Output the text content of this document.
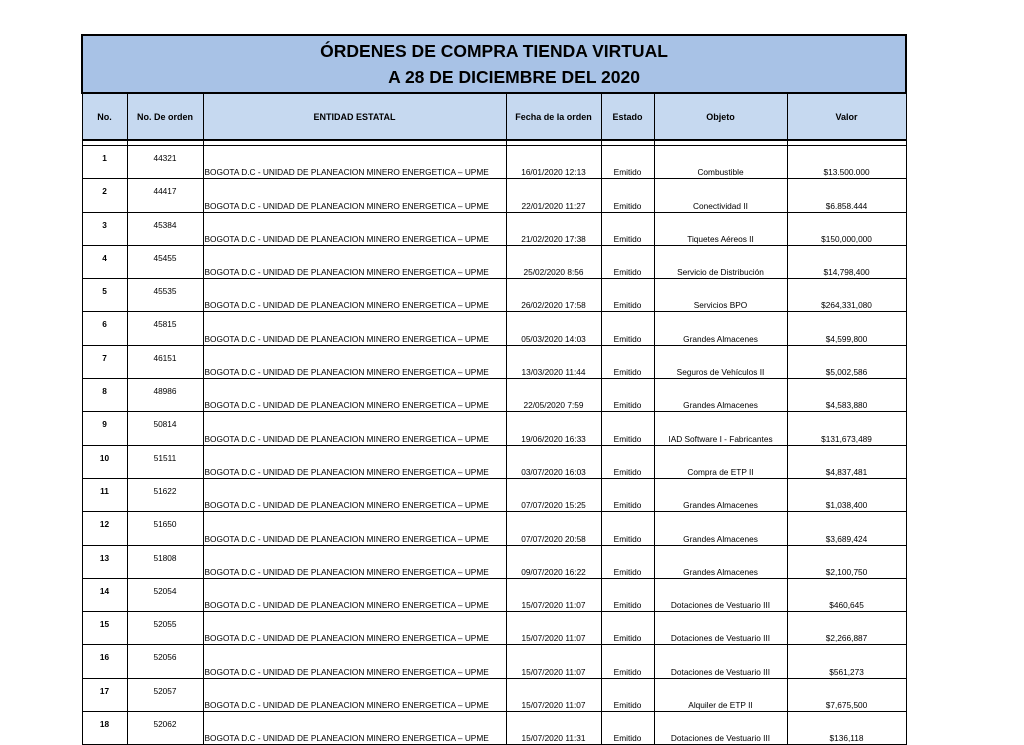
ÓRDENES DE COMPRA TIENDA VIRTUAL
A 28 DE DICIEMBRE DEL 2020						

No.	No. De orden	ENTIDAD ESTATAL	Fecha de la orden	Estado	Objeto	Valor

1	44321	BOGOTA D.C - UNIDAD DE PLANEACION MINERO ENERGETICA – UPME	16/01/2020 12:13	Emitido	Combustible	$13.500.000
2	44417	BOGOTA D.C - UNIDAD DE PLANEACION MINERO ENERGETICA – UPME	22/01/2020 11:27	Emitido	Conectividad II	$6.858.444
3	45384	BOGOTA D.C - UNIDAD DE PLANEACION MINERO ENERGETICA – UPME	21/02/2020 17:38	Emitido	Tiquetes Aéreos II	$150,000,000
4	45455	BOGOTA D.C - UNIDAD DE PLANEACION MINERO ENERGETICA – UPME	25/02/2020 8:56	Emitido	Servicio de Distribución	$14,798,400
5	45535	BOGOTA D.C - UNIDAD DE PLANEACION MINERO ENERGETICA – UPME	26/02/2020 17:58	Emitido	Servicios BPO	$264,331,080
6	45815	BOGOTA D.C - UNIDAD DE PLANEACION MINERO ENERGETICA – UPME	05/03/2020 14:03	Emitido	Grandes Almacenes	$4,599,800
7	46151	BOGOTA D.C - UNIDAD DE PLANEACION MINERO ENERGETICA – UPME	13/03/2020 11:44	Emitido	Seguros de Vehículos II	$5,002,586
8	48986	BOGOTA D.C - UNIDAD DE PLANEACION MINERO ENERGETICA – UPME	22/05/2020 7:59	Emitido	Grandes Almacenes	$4,583,880
9	50814	BOGOTA D.C - UNIDAD DE PLANEACION MINERO ENERGETICA – UPME	19/06/2020 16:33	Emitido	IAD Software I - Fabricantes	$131,673,489
10	51511	BOGOTA D.C - UNIDAD DE PLANEACION MINERO ENERGETICA – UPME	03/07/2020 16:03	Emitido	Compra de ETP II	$4,837,481
11	51622	BOGOTA D.C - UNIDAD DE PLANEACION MINERO ENERGETICA – UPME	07/07/2020 15:25	Emitido	Grandes Almacenes	$1,038,400
12	51650	BOGOTA D.C - UNIDAD DE PLANEACION MINERO ENERGETICA – UPME	07/07/2020 20:58	Emitido	Grandes Almacenes	$3,689,424
13	51808	BOGOTA D.C - UNIDAD DE PLANEACION MINERO ENERGETICA – UPME	09/07/2020 16:22	Emitido	Grandes Almacenes	$2,100,750
14	52054	BOGOTA D.C - UNIDAD DE PLANEACION MINERO ENERGETICA – UPME	15/07/2020 11:07	Emitido	Dotaciones de Vestuario III	$460,645
15	52055	BOGOTA D.C - UNIDAD DE PLANEACION MINERO ENERGETICA – UPME	15/07/2020 11:07	Emitido	Dotaciones de Vestuario III	$2,266,887
16	52056	BOGOTA D.C - UNIDAD DE PLANEACION MINERO ENERGETICA – UPME	15/07/2020 11:07	Emitido	Dotaciones de Vestuario III	$561,273
17	52057	BOGOTA D.C - UNIDAD DE PLANEACION MINERO ENERGETICA – UPME	15/07/2020 11:07	Emitido	Alquiler de ETP II	$7,675,500
18	52062	BOGOTA D.C - UNIDAD DE PLANEACION MINERO ENERGETICA – UPME	15/07/2020 11:31	Emitido	Dotaciones de Vestuario III	$136,118
